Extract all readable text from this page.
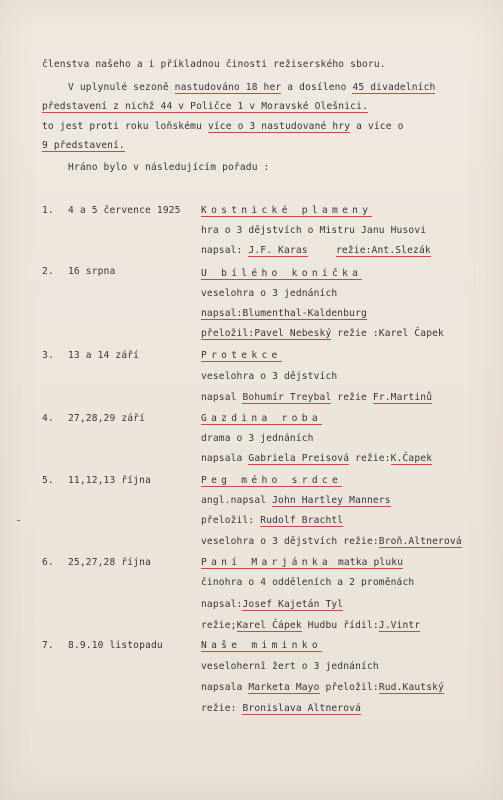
členstva našeho a i příkladnou činosti režiserského sboru.
V uplynulé sezoně nastudováno 18 her a dosíleno 45 divadelních
představení z nichž 44 v Poličce 1 v Moravské Olešnici.
to jest proti roku loňskému více o 3 nastudované hry a více o
9 představení.
Hráno bylo v následujícím pořadu :
1. 4 a 5 července 1925 Kostnické plameny
hra o 3 dějstvích o Mistru Janu Husovi
napsal: J.F. Karas	režie:Ant.Slezák
2. 16 srpna	U bílého koníčka
veselohra o 3 jednáních
napsal:Blumenthal-Kaldenburg
přeložil:Pavel Nebeský režie :Karel Čapek
3. 13 a 14 září	Protekce
veselohra o 3 dějstvích
napsal Bohumír Treybal režie Fr.Martinů
4. 27,28,29 září	Gazdina roba
drama o 3 jednáních
napsala Gabriela Preisová režie:K.Čapek
5. 11,12,13 října	Peg mého srdce
angl.napsal John Hartley Manners
přeložil: Rudolf Brachtl
veselohra o 3 dějstvích režie:Broň.Altnerová
6. 25,27,28 října	Paní Marjánka matka pluku
činohra o 4 odděleních a 2 proměnách
napsal:Josef Kajetán Tyl
režie;Karel Čápek Hudbu řídil:J.Vintr
7. 8.9.10 listopadu	Naše miminko
veselohernî žert o 3 jednáních
napsala Marketa Mayo přeložil:Rud.Kautský
režie: Bronislava Altnerová
